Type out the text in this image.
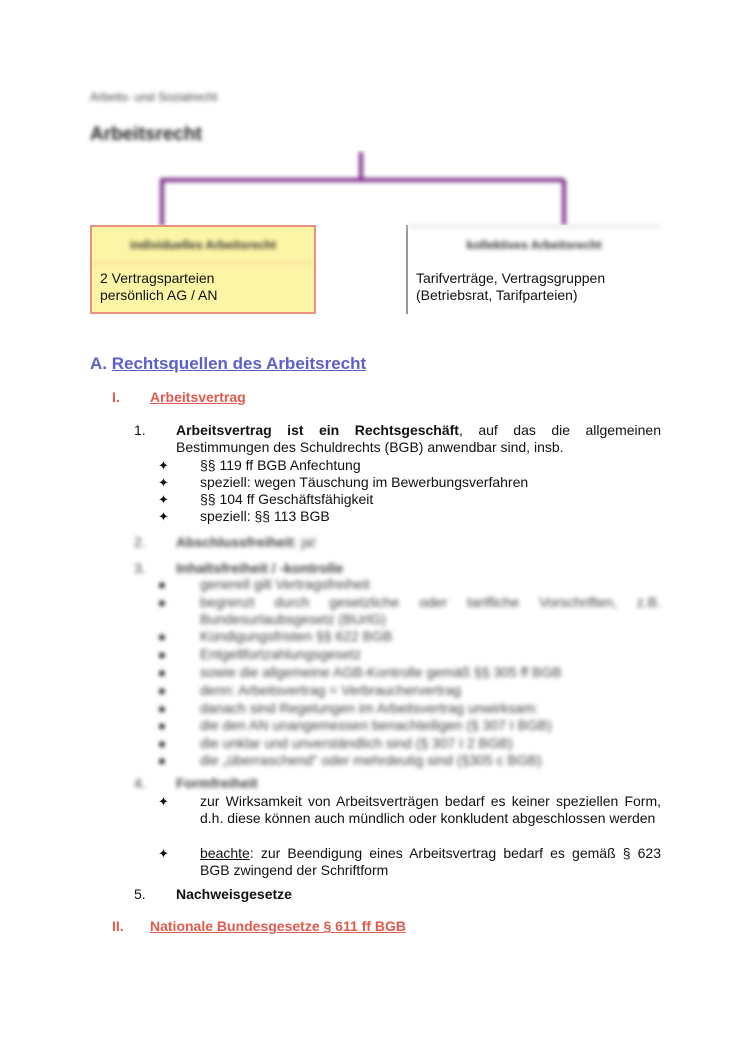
Arbeits- und Sozialrecht
Arbeitsrecht
individuelles Arbeitsrecht
2 Vertragsparteien
persönlich AG / AN
kollektives Arbeitsrecht
Tarifverträge, Vertragsgruppen
(Betriebsrat, Tarifparteien)
A. Rechtsquellen des Arbeitsrecht
I. Arbeitsvertrag
1. Arbeitsvertrag ist ein Rechtsgeschäft, auf das die allgemeinen Bestimmungen des Schuldrechts (BGB) anwendbar sind, insb.
✦ §§ 119 ff BGB Anfechtung
✦ speziell: wegen Täuschung im Bewerbungsverfahren
✦ §§ 104 ff Geschäftsfähigkeit
✦ speziell: §§ 113 BGB
2. Abschlussfreiheit: ja!
3. Inhaltsfreiheit / -kontrolle
● generell gilt Vertragsfreiheit
● begrenzt durch gesetzliche oder tarifliche Vorschriften, z.B. Bundesurlaubsgesetz (BUrlG)
● Kündigungsfristen §§ 622 BGB
● Entgeltfortzahlungsgesetz
● sowie die allgemeine AGB-Kontrolle gemäß §§ 305 ff BGB
● denn: Arbeitsvertrag = Verbrauchervertrag
● danach sind Regelungen im Arbeitsvertrag unwirksam:
● die den AN unangemessen benachteiligen (§ 307 I BGB)
● die unklar und unverständlich sind (§ 307 I 2 BGB)
● die „überraschend“ oder mehrdeutig sind (§305 c BGB)
4. Formfreiheit
✦ zur Wirksamkeit von Arbeitsverträgen bedarf es keiner speziellen Form, d.h. diese können auch mündlich oder konkludent abgeschlossen werden
✦ beachte: zur Beendigung eines Arbeitsvertrag bedarf es gemäß § 623 BGB zwingend der Schriftform
5. Nachweisgesetze
II. Nationale Bundesgesetze § 611 ff BGB
